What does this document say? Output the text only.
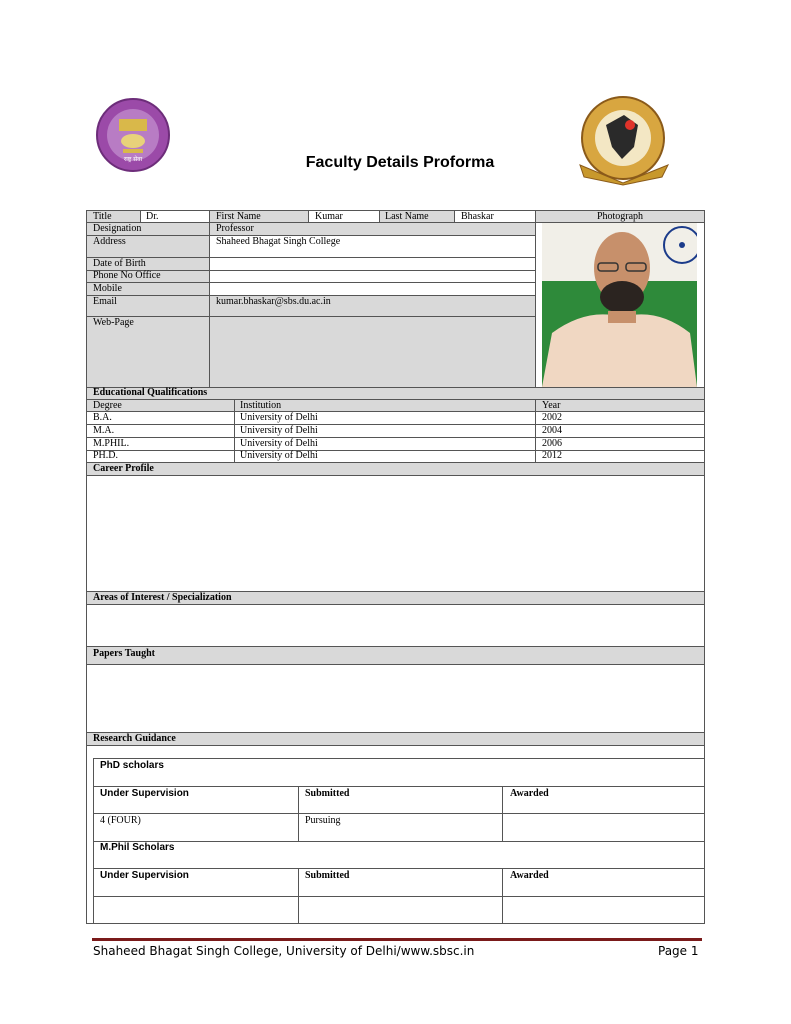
राष्ट्र सेवा	Faculty Details Proforma
Title	Dr.	First Name	Kumar	Last Name	Bhaskar	Photograph
Designation	Professor
Address	Shaheed Bhagat Singh College
Date of Birth
Phone No Office
Mobile
Email	kumar.bhaskar@sbs.du.ac.in
Web-Page
Educational Qualifications
Degree	Institution	Year
B.A.	University of Delhi	2002
M.A.	University of Delhi	2004
M.PHIL.	University of Delhi	2006
PH.D.	University of Delhi	2012
Career Profile
Areas of Interest / Specialization
Papers Taught
Research Guidance
PhD scholars
Under Supervision	Submitted	Awarded
4 (FOUR)	Pursuing
M.Phil Scholars
Under Supervision	Submitted	Awarded
Shaheed Bhagat Singh College, University of Delhi/www.sbsc.in	Page 1
